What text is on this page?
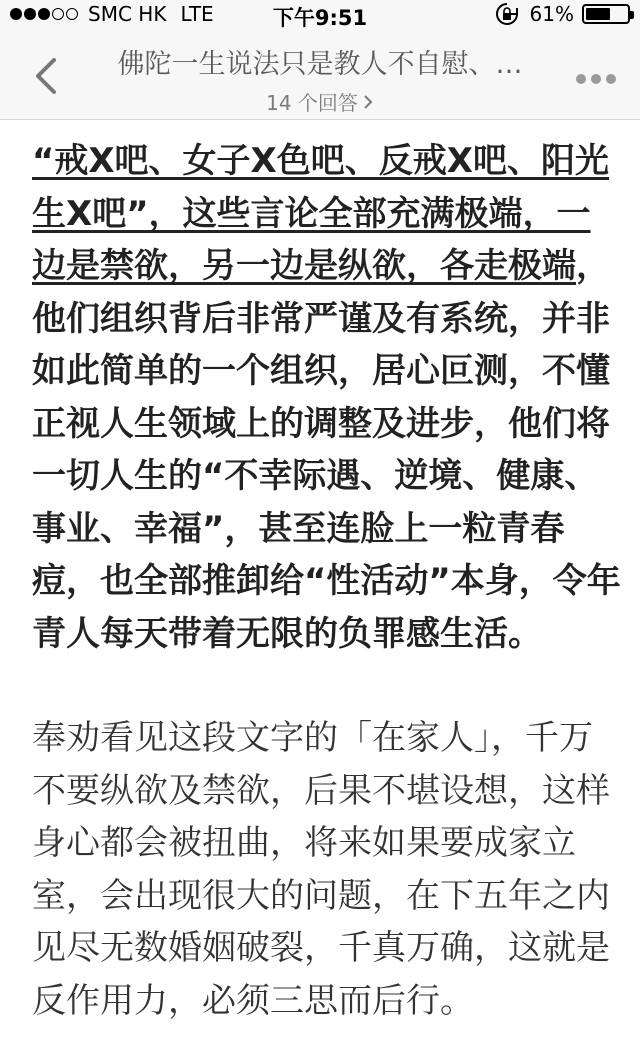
SMC HK LTE	下午9:51	61%
佛陀一生说法只是教人不自慰、…
14 个回答

“戒X吧、女子X色吧、反戒X吧、阳光生X吧”，这些言论全部充满极端，一边是禁欲，另一边是纵欲，各走极端，他们组织背后非常严谨及有系统，并非如此简单的一个组织，居心叵测，不懂正视人生领域上的调整及进步，他们将一切人生的“不幸际遇、逆境、健康、事业、幸福”，甚至连脸上一粒青春痘，也全部推卸给“性活动”本身，令年青人每天带着无限的负罪感生活。

奉劝看见这段文字的「在家人」，千万不要纵欲及禁欲，后果不堪设想，这样身心都会被扭曲，将来如果要成家立室，会出现很大的问题，在下五年之内见尽无数婚姻破裂，千真万确，这就是反作用力，必须三思而后行。
